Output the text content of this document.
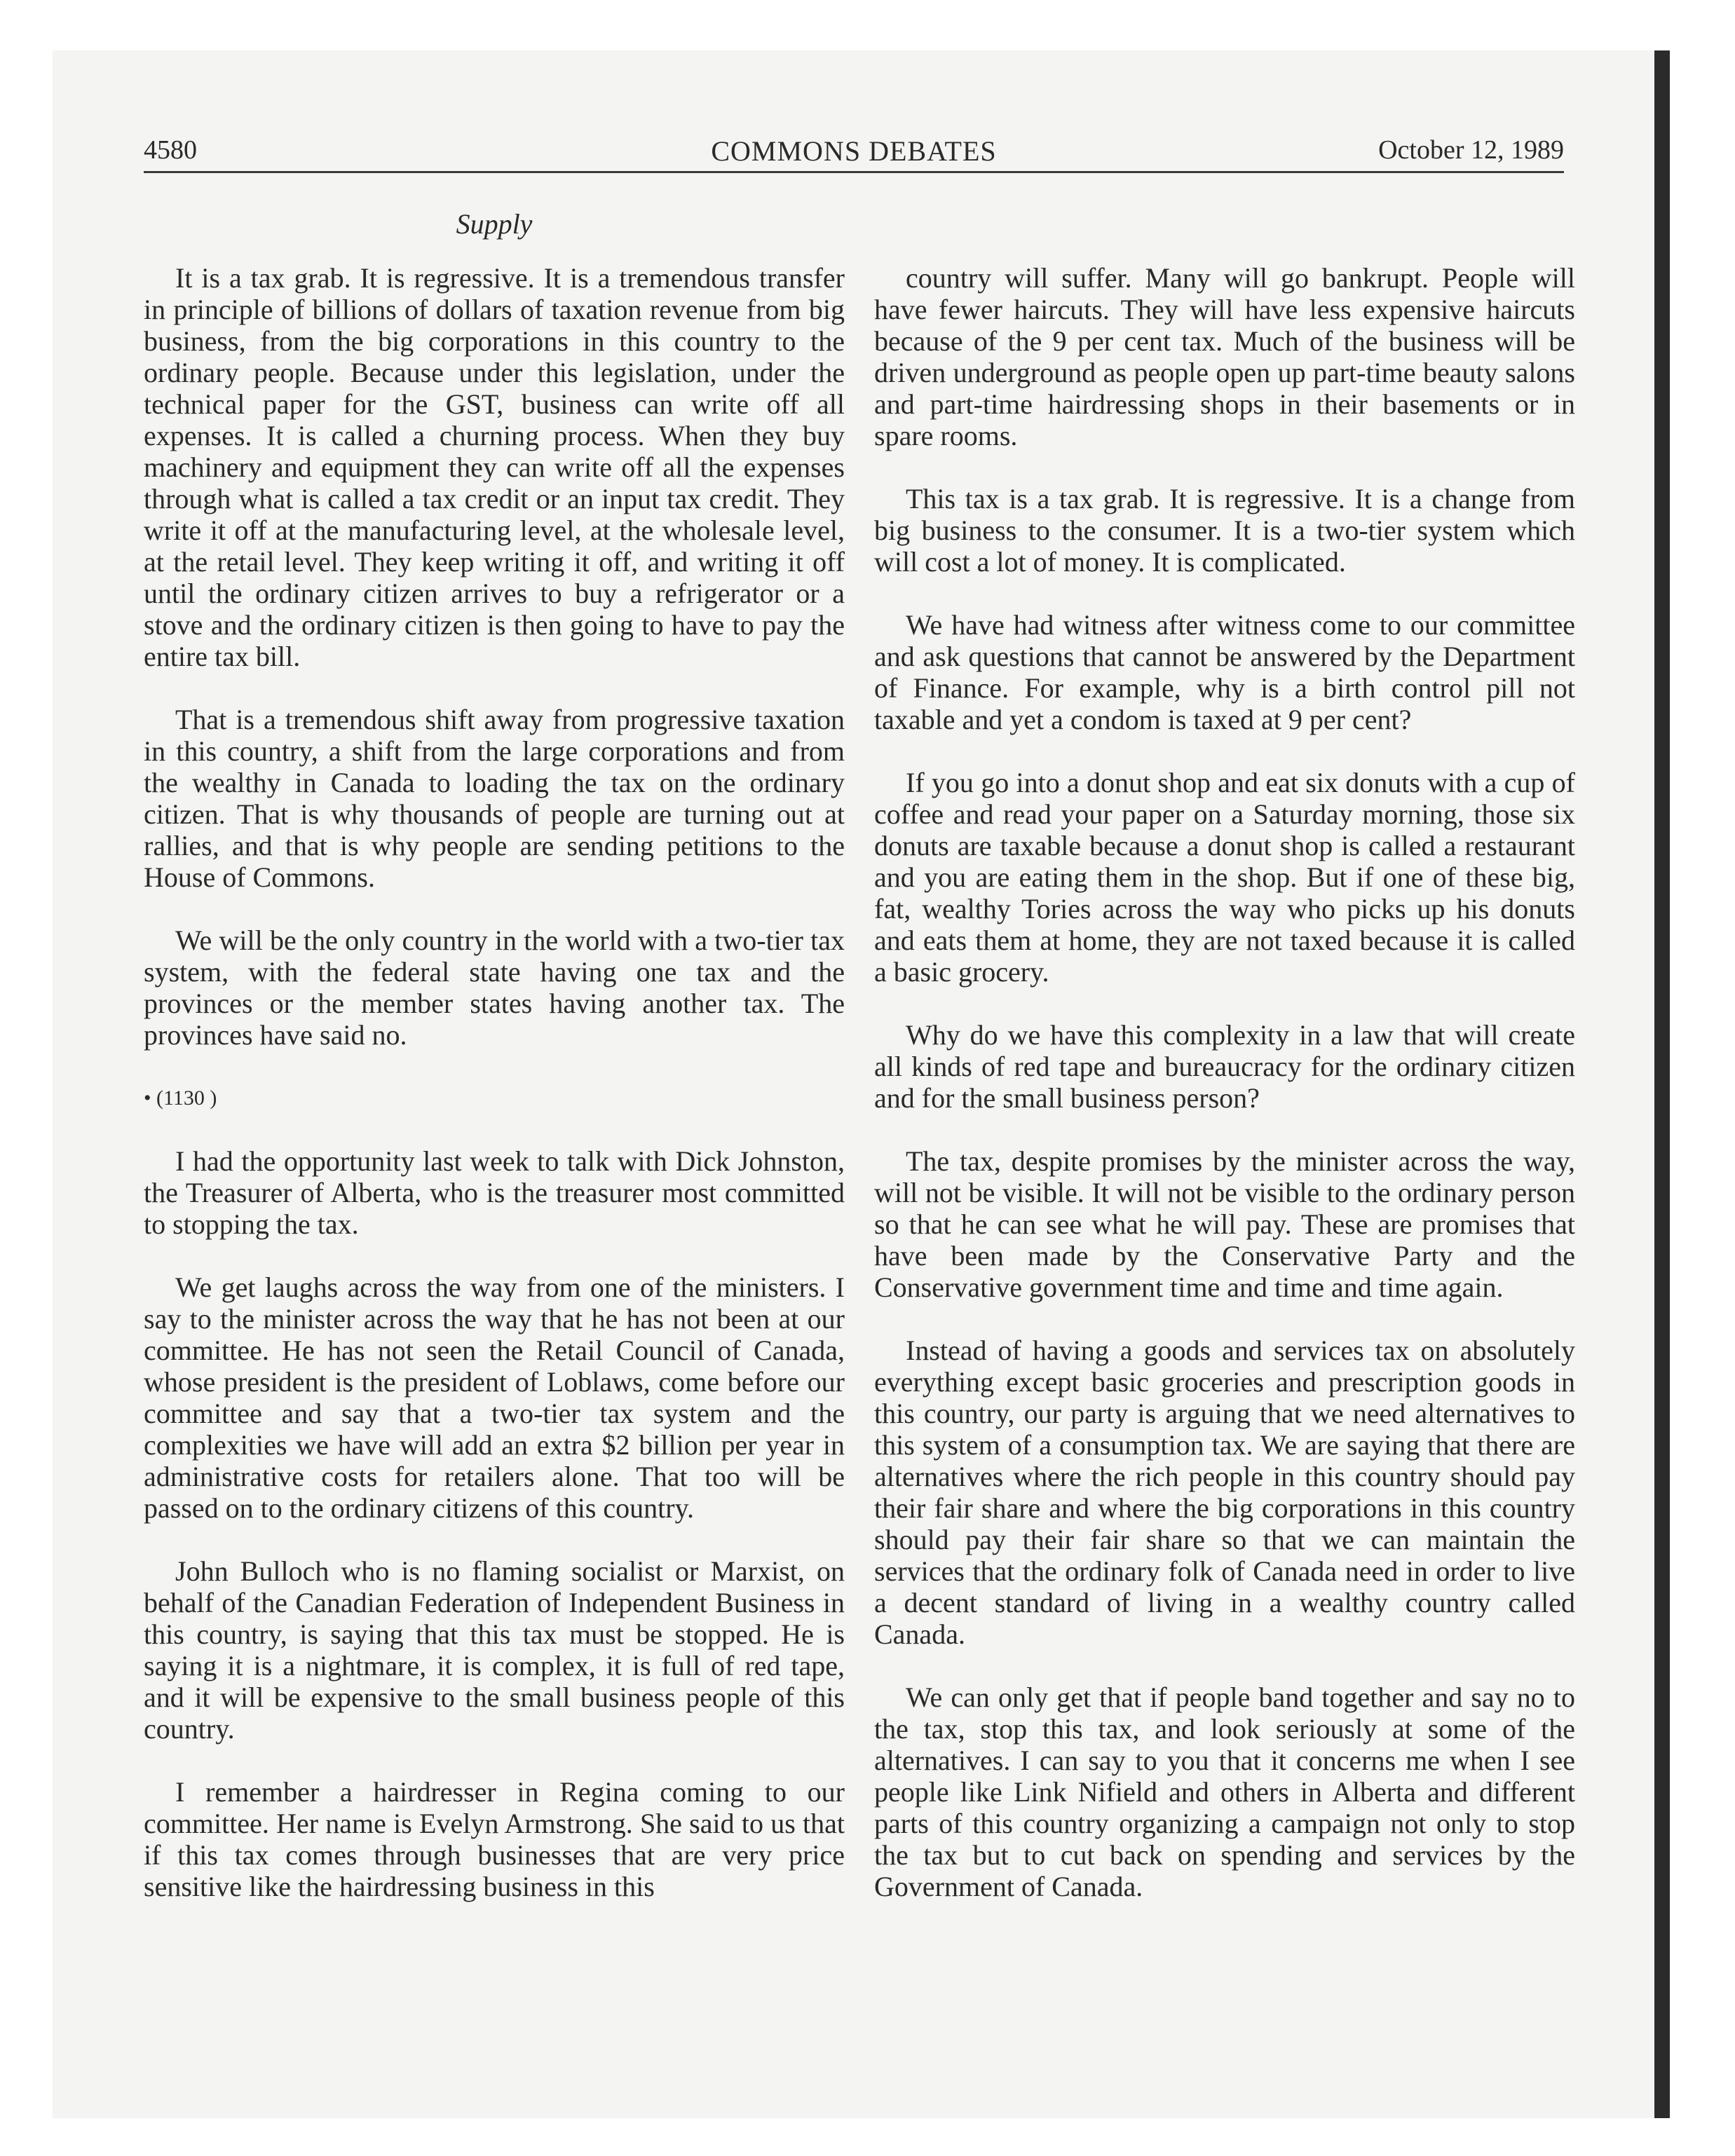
4580	COMMONS DEBATES	October 12, 1989
Supply

It is a tax grab. It is regressive. It is a tremendous transfer in principle of billions of dollars of taxation revenue from big business, from the big corporations in this country to the ordinary people. Because under this legislation, under the technical paper for the GST, business can write off all expenses. It is called a churning process. When they buy machinery and equipment they can write off all the expenses through what is called a tax credit or an input tax credit. They write it off at the manufacturing level, at the wholesale level, at the retail level. They keep writing it off, and writing it off until the ordinary citizen arrives to buy a refrigerator or a stove and the ordinary citizen is then going to have to pay the entire tax bill.

That is a tremendous shift away from progressive taxation in this country, a shift from the large corporations and from the wealthy in Canada to loading the tax on the ordinary citizen. That is why thousands of people are turning out at rallies, and that is why people are sending petitions to the House of Commons.

We will be the only country in the world with a two-tier tax system, with the federal state having one tax and the provinces or the member states having another tax. The provinces have said no.

• (1130 )

I had the opportunity last week to talk with Dick Johnston, the Treasurer of Alberta, who is the treasurer most committed to stopping the tax.

We get laughs across the way from one of the ministers. I say to the minister across the way that he has not been at our committee. He has not seen the Retail Council of Canada, whose president is the president of Loblaws, come before our committee and say that a two-tier tax system and the complexities we have will add an extra $2 billion per year in administrative costs for retailers alone. That too will be passed on to the ordinary citizens of this country.

John Bulloch who is no flaming socialist or Marxist, on behalf of the Canadian Federation of Independent Business in this country, is saying that this tax must be stopped. He is saying it is a nightmare, it is complex, it is full of red tape, and it will be expensive to the small business people of this country.

I remember a hairdresser in Regina coming to our committee. Her name is Evelyn Armstrong. She said to us that if this tax comes through businesses that are very price sensitive like the hairdressing business in this

country will suffer. Many will go bankrupt. People will have fewer haircuts. They will have less expensive haircuts because of the 9 per cent tax. Much of the business will be driven underground as people open up part-time beauty salons and part-time hairdressing shops in their basements or in spare rooms.

This tax is a tax grab. It is regressive. It is a change from big business to the consumer. It is a two-tier system which will cost a lot of money. It is complicated.

We have had witness after witness come to our committee and ask questions that cannot be answered by the Department of Finance. For example, why is a birth control pill not taxable and yet a condom is taxed at 9 per cent?

If you go into a donut shop and eat six donuts with a cup of coffee and read your paper on a Saturday morning, those six donuts are taxable because a donut shop is called a restaurant and you are eating them in the shop. But if one of these big, fat, wealthy Tories across the way who picks up his donuts and eats them at home, they are not taxed because it is called a basic grocery.

Why do we have this complexity in a law that will create all kinds of red tape and bureaucracy for the ordinary citizen and for the small business person?

The tax, despite promises by the minister across the way, will not be visible. It will not be visible to the ordinary person so that he can see what he will pay. These are promises that have been made by the Conservative Party and the Conservative government time and time and time again.

Instead of having a goods and services tax on absolutely everything except basic groceries and prescription goods in this country, our party is arguing that we need alternatives to this system of a consumption tax. We are saying that there are alternatives where the rich people in this country should pay their fair share and where the big corporations in this country should pay their fair share so that we can maintain the services that the ordinary folk of Canada need in order to live a decent standard of living in a wealthy country called Canada.

We can only get that if people band together and say no to the tax, stop this tax, and look seriously at some of the alternatives. I can say to you that it concerns me when I see people like Link Nifield and others in Alberta and different parts of this country organizing a campaign not only to stop the tax but to cut back on spending and services by the Government of Canada.
